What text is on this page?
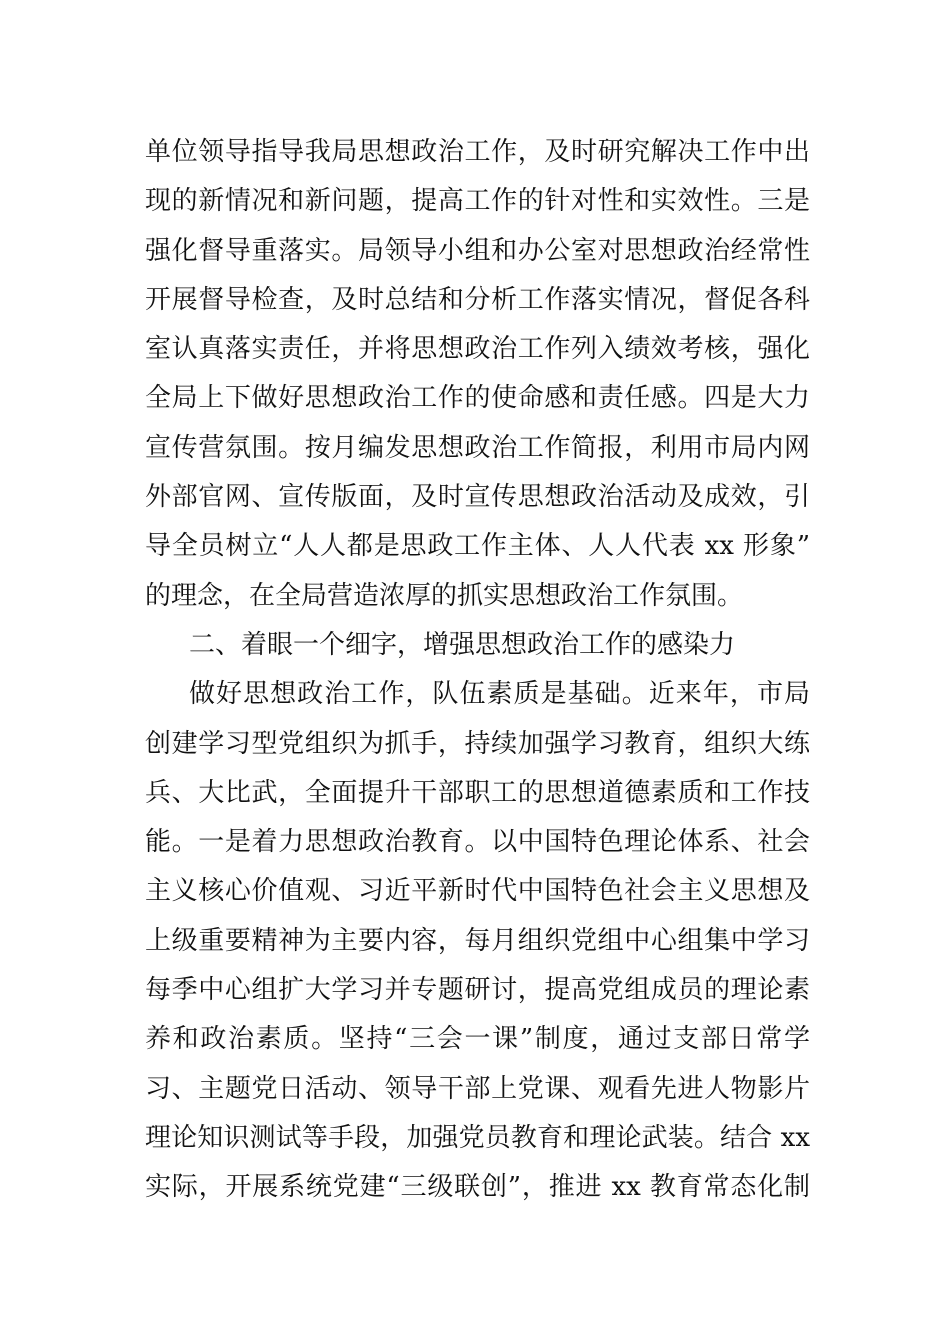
单位领导指导我局思想政治工作，及时研究解决工作中出
现的新情况和新问题，提高工作的针对性和实效性。三是
强化督导重落实。局领导小组和办公室对思想政治经常性
开展督导检查，及时总结和分析工作落实情况，督促各科
室认真落实责任，并将思想政治工作列入绩效考核，强化
全局上下做好思想政治工作的使命感和责任感。四是大力
宣传营氛围。按月编发思想政治工作简报，利用市局内网
外部官网、宣传版面，及时宣传思想政治活动及成效，引
导全员树立“人人都是思政工作主体、人人代表 xx 形象”
的理念，在全局营造浓厚的抓实思想政治工作氛围。
二、着眼一个细字，增强思想政治工作的感染力
做好思想政治工作，队伍素质是基础。近来年，市局
创建学习型党组织为抓手，持续加强学习教育，组织大练
兵、大比武，全面提升干部职工的思想道德素质和工作技
能。一是着力思想政治教育。以中国特色理论体系、社会
主义核心价值观、习近平新时代中国特色社会主义思想及
上级重要精神为主要内容，每月组织党组中心组集中学习
每季中心组扩大学习并专题研讨，提高党组成员的理论素
养和政治素质。坚持“三会一课”制度，通过支部日常学
习、主题党日活动、领导干部上党课、观看先进人物影片
理论知识测试等手段，加强党员教育和理论武装。结合 xx
实际，开展系统党建“三级联创”，推进 xx 教育常态化制
